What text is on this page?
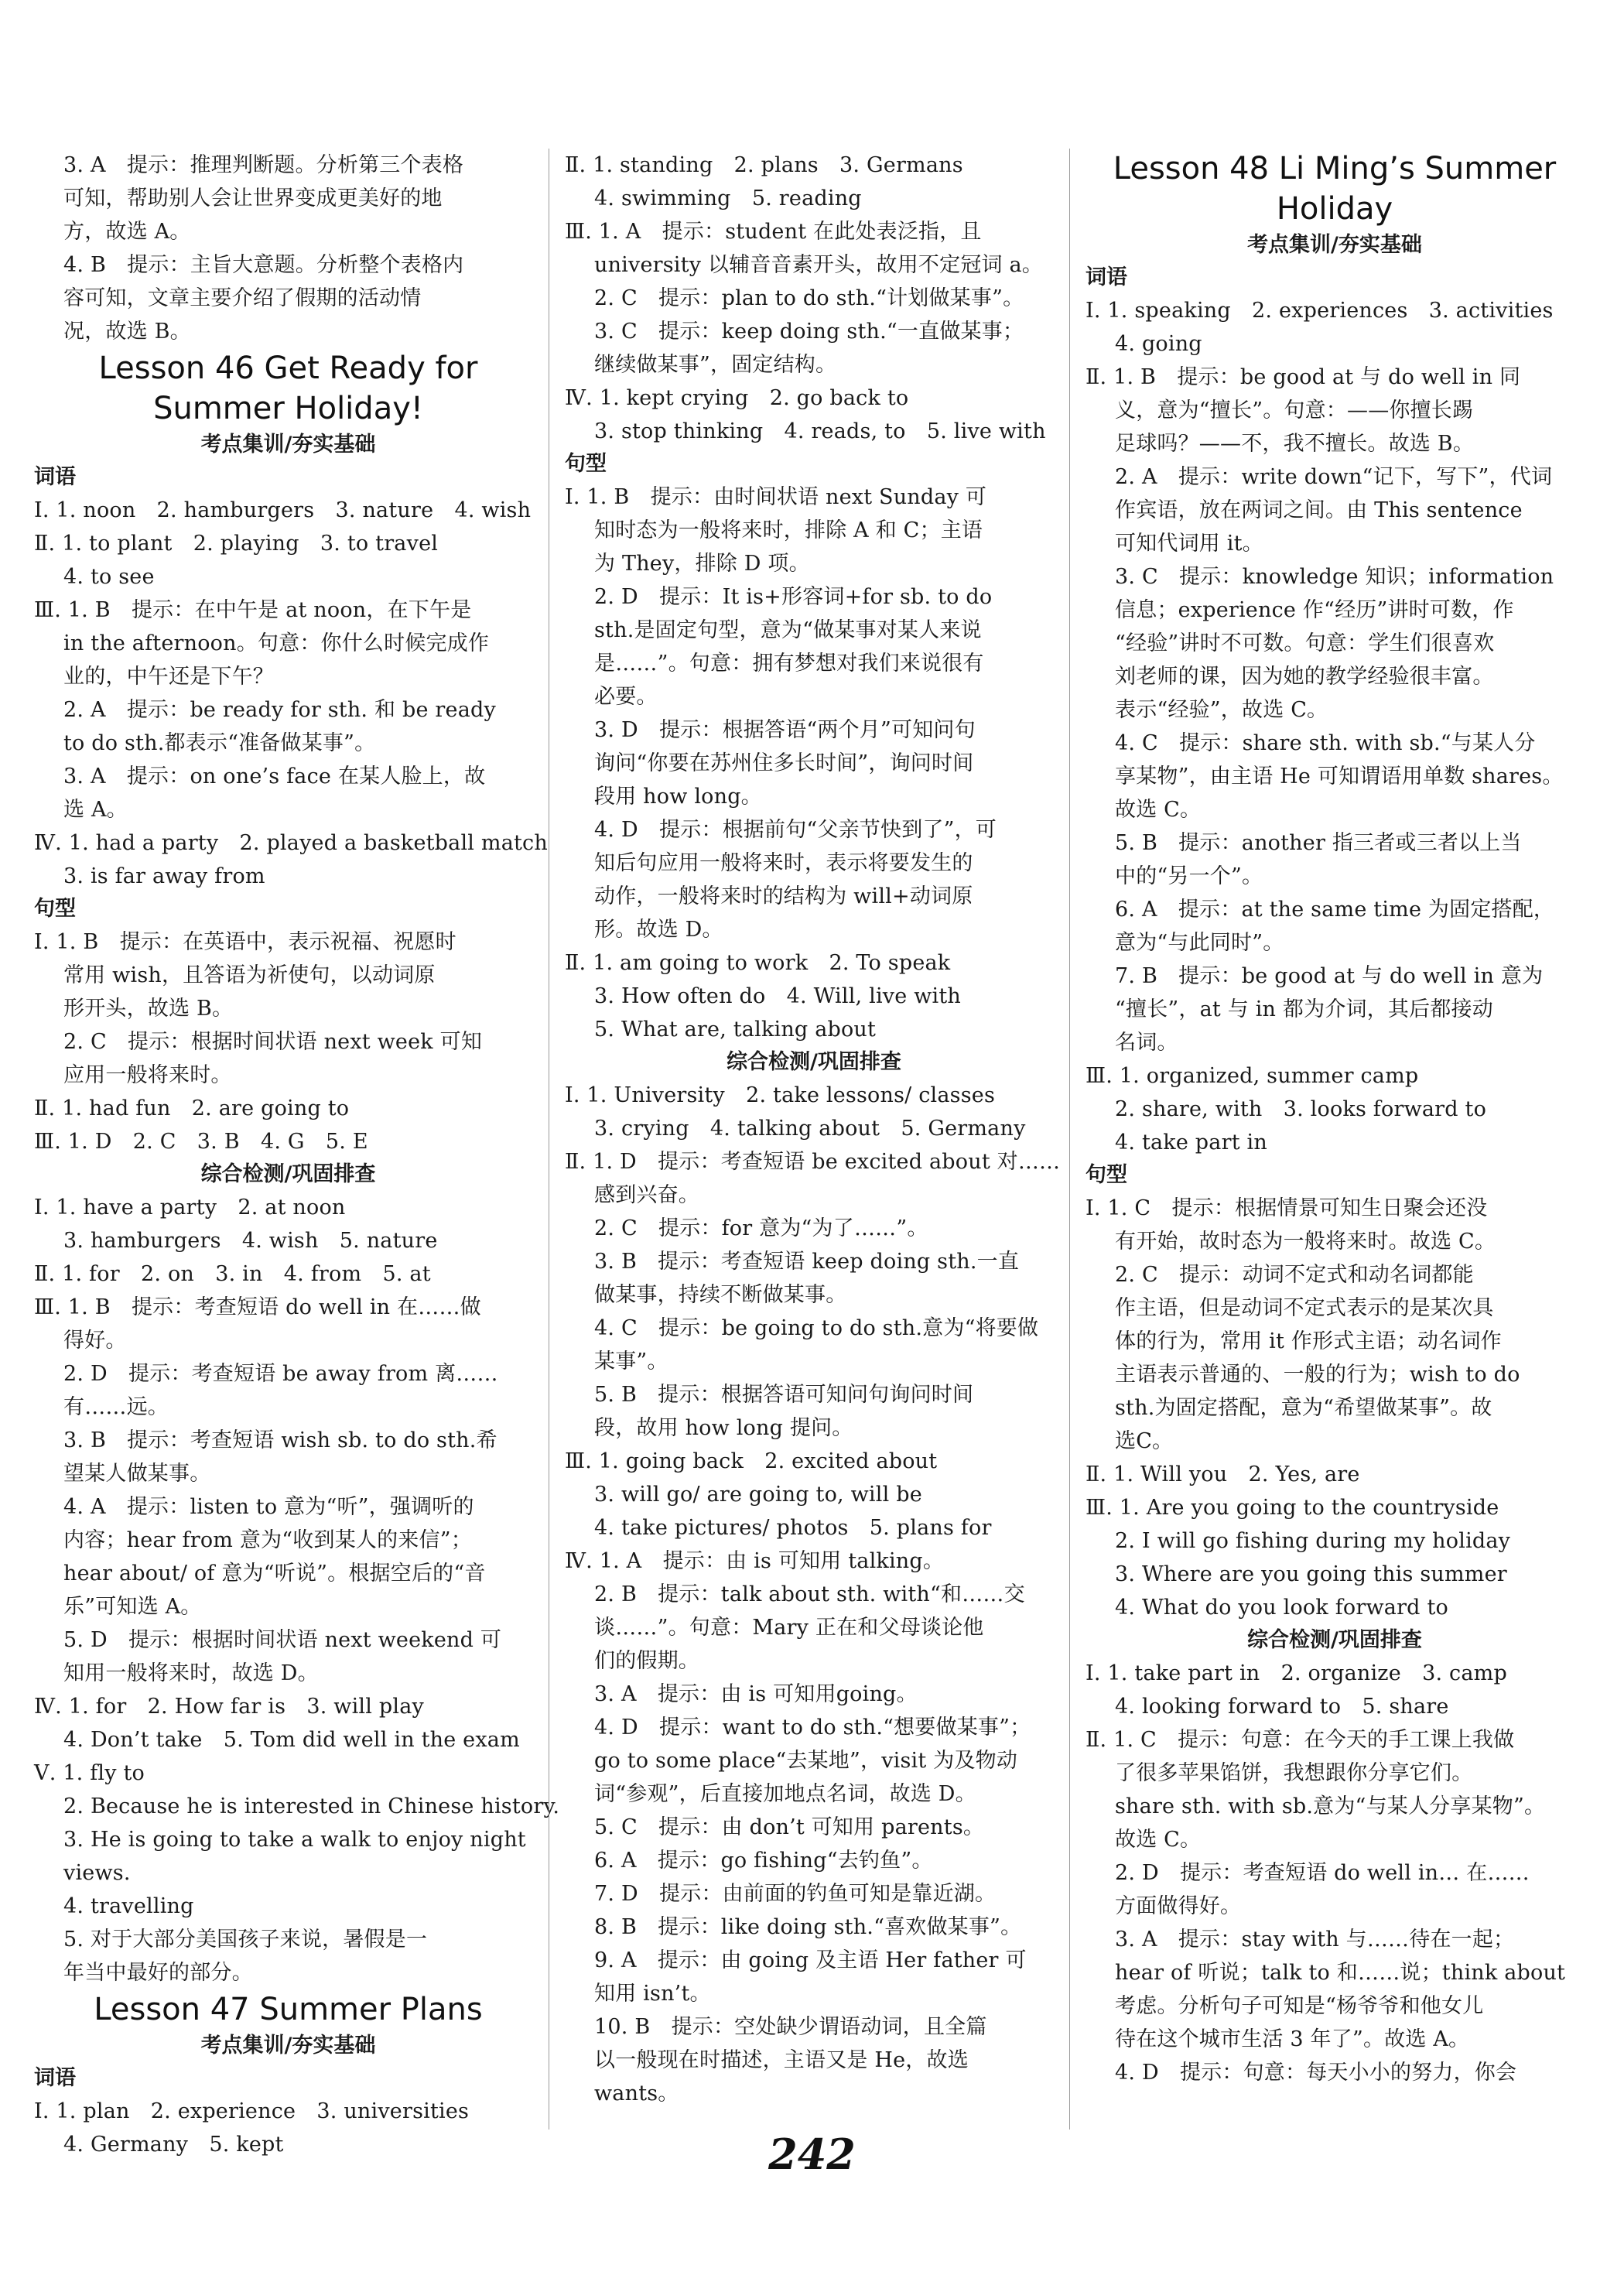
3. A　提示：推理判断题。分析第三个表格
可知，帮助别人会让世界变成更美好的地
方，故选 A。
4. B　提示：主旨大意题。分析整个表格内
容可知，文章主要介绍了假期的活动情
况，故选 B。
Lesson 46 Get Ready for
Summer Holiday!
考点集训/夯实基础
词语
Ⅰ. 1. noon　2. hamburgers　3. nature　4. wish
Ⅱ. 1. to plant　2. playing　3. to travel
4. to see
Ⅲ. 1. B　提示：在中午是 at noon，在下午是
in the afternoon。句意：你什么时候完成作
业的，中午还是下午？
2. A　提示：be ready for sth. 和 be ready
to do sth.都表示“准备做某事”。
3. A　提示：on one’s face 在某人脸上，故
选 A。
Ⅳ. 1. had a party　2. played a basketball match
3. is far away from
句型
Ⅰ. 1. B　提示：在英语中，表示祝福、祝愿时
常用 wish，且答语为祈使句，以动词原
形开头，故选 B。
2. C　提示：根据时间状语 next week 可知
应用一般将来时。
Ⅱ. 1. had fun　2. are going to
Ⅲ. 1. D　2. C　3. B　4. G　5. E
综合检测/巩固排查
Ⅰ. 1. have a party　2. at noon
3. hamburgers　4. wish　5. nature
Ⅱ. 1. for　2. on　3. in　4. from　5. at
Ⅲ. 1. B　提示：考查短语 do well in 在……做
得好。
2. D　提示：考查短语 be away from 离……
有……远。
3. B　提示：考查短语 wish sb. to do sth.希
望某人做某事。
4. A　提示：listen to 意为“听”，强调听的
内容；hear from 意为“收到某人的来信”；
hear about/ of 意为“听说”。根据空后的“音
乐”可知选 A。
5. D　提示：根据时间状语 next weekend 可
知用一般将来时，故选 D。
Ⅳ. 1. for　2. How far is　3. will play
4. Don’t take　5. Tom did well in the exam
Ⅴ. 1. fly to
2. Because he is interested in Chinese history.
3. He is going to take a walk to enjoy night
views.
4. travelling
5. 对于大部分美国孩子来说，暑假是一
年当中最好的部分。
Lesson 47 Summer Plans
考点集训/夯实基础
词语
Ⅰ. 1. plan　2. experience　3. universities
4. Germany　5. kept
Ⅱ. 1. standing　2. plans　3. Germans
4. swimming　5. reading
Ⅲ. 1. A　提示：student 在此处表泛指，且
university 以辅音音素开头，故用不定冠词 a。
2. C　提示：plan to do sth.“计划做某事”。
3. C　提示：keep doing sth.“一直做某事；
继续做某事”，固定结构。
Ⅳ. 1. kept crying　2. go back to
3. stop thinking　4. reads, to　5. live with
句型
Ⅰ. 1. B　提示：由时间状语 next Sunday 可
知时态为一般将来时，排除 A 和 C；主语
为 They，排除 D 项。
2. D　提示：It is+形容词+for sb. to do
sth.是固定句型，意为“做某事对某人来说
是……”。句意：拥有梦想对我们来说很有
必要。
3. D　提示：根据答语“两个月”可知问句
询问“你要在苏州住多长时间”，询问时间
段用 how long。
4. D　提示：根据前句“父亲节快到了”，可
知后句应用一般将来时，表示将要发生的
动作，一般将来时的结构为 will+动词原
形。故选 D。
Ⅱ. 1. am going to work　2. To speak
3. How often do　4. Will, live with
5. What are, talking about
综合检测/巩固排查
Ⅰ. 1. University　2. take lessons/ classes
3. crying　4. talking about　5. Germany
Ⅱ. 1. D　提示：考查短语 be excited about 对……
感到兴奋。
2. C　提示：for 意为“为了……”。
3. B　提示：考查短语 keep doing sth.一直
做某事，持续不断做某事。
4. C　提示：be going to do sth.意为“将要做
某事”。
5. B　提示：根据答语可知问句询问时间
段，故用 how long 提问。
Ⅲ. 1. going back　2. excited about
3. will go/ are going to, will be
4. take pictures/ photos　5. plans for
Ⅳ. 1. A　提示：由 is 可知用 talking。
2. B　提示：talk about sth. with“和……交
谈……”。句意：Mary 正在和父母谈论他
们的假期。
3. A　提示：由 is 可知用going。
4. D　提示：want to do sth.“想要做某事”；
go to some place“去某地”，visit 为及物动
词“参观”，后直接加地点名词，故选 D。
5. C　提示：由 don’t 可知用 parents。
6. A　提示：go fishing“去钓鱼”。
7. D　提示：由前面的钓鱼可知是靠近湖。
8. B　提示：like doing sth.“喜欢做某事”。
9. A　提示：由 going 及主语 Her father 可
知用 isn’t。
10. B　提示：空处缺少谓语动词，且全篇
以一般现在时描述，主语又是 He，故选
wants。
Lesson 48 Li Ming’s Summer
Holiday
考点集训/夯实基础
词语
Ⅰ. 1. speaking　2. experiences　3. activities
4. going
Ⅱ. 1. B　提示：be good at 与 do well in 同
义，意为“擅长”。句意：——你擅长踢
足球吗？——不，我不擅长。故选 B。
2. A　提示：write down“记下，写下”，代词
作宾语，放在两词之间。由 This sentence
可知代词用 it。
3. C　提示：knowledge 知识；information
信息；experience 作“经历”讲时可数，作
“经验”讲时不可数。句意：学生们很喜欢
刘老师的课，因为她的教学经验很丰富。
表示“经验”，故选 C。
4. C　提示：share sth. with sb.“与某人分
享某物”，由主语 He 可知谓语用单数 shares。
故选 C。
5. B　提示：another 指三者或三者以上当
中的“另一个”。
6. A　提示：at the same time 为固定搭配，
意为“与此同时”。
7. B　提示：be good at 与 do well in 意为
“擅长”，at 与 in 都为介词，其后都接动
名词。
Ⅲ. 1. organized, summer camp
2. share, with　3. looks forward to
4. take part in
句型
Ⅰ. 1. C　提示：根据情景可知生日聚会还没
有开始，故时态为一般将来时。故选 C。
2. C　提示：动词不定式和动名词都能
作主语，但是动词不定式表示的是某次具
体的行为，常用 it 作形式主语；动名词作
主语表示普通的、一般的行为；wish to do
sth.为固定搭配，意为“希望做某事”。故
选C。
Ⅱ. 1. Will you　2. Yes, are
Ⅲ. 1. Are you going to the countryside
2. I will go fishing during my holiday
3. Where are you going this summer
4. What do you look forward to
综合检测/巩固排查
Ⅰ. 1. take part in　2. organize　3. camp
4. looking forward to　5. share
Ⅱ. 1. C　提示：句意：在今天的手工课上我做
了很多苹果馅饼，我想跟你分享它们。
share sth. with sb.意为“与某人分享某物”。
故选 C。
2. D　提示：考查短语 do well in… 在……
方面做得好。
3. A　提示：stay with 与……待在一起；
hear of 听说；talk to 和……说；think about
考虑。分析句子可知是“杨爷爷和他女儿
待在这个城市生活 3 年了”。故选 A。
4. D　提示：句意：每天小小的努力，你会
242
